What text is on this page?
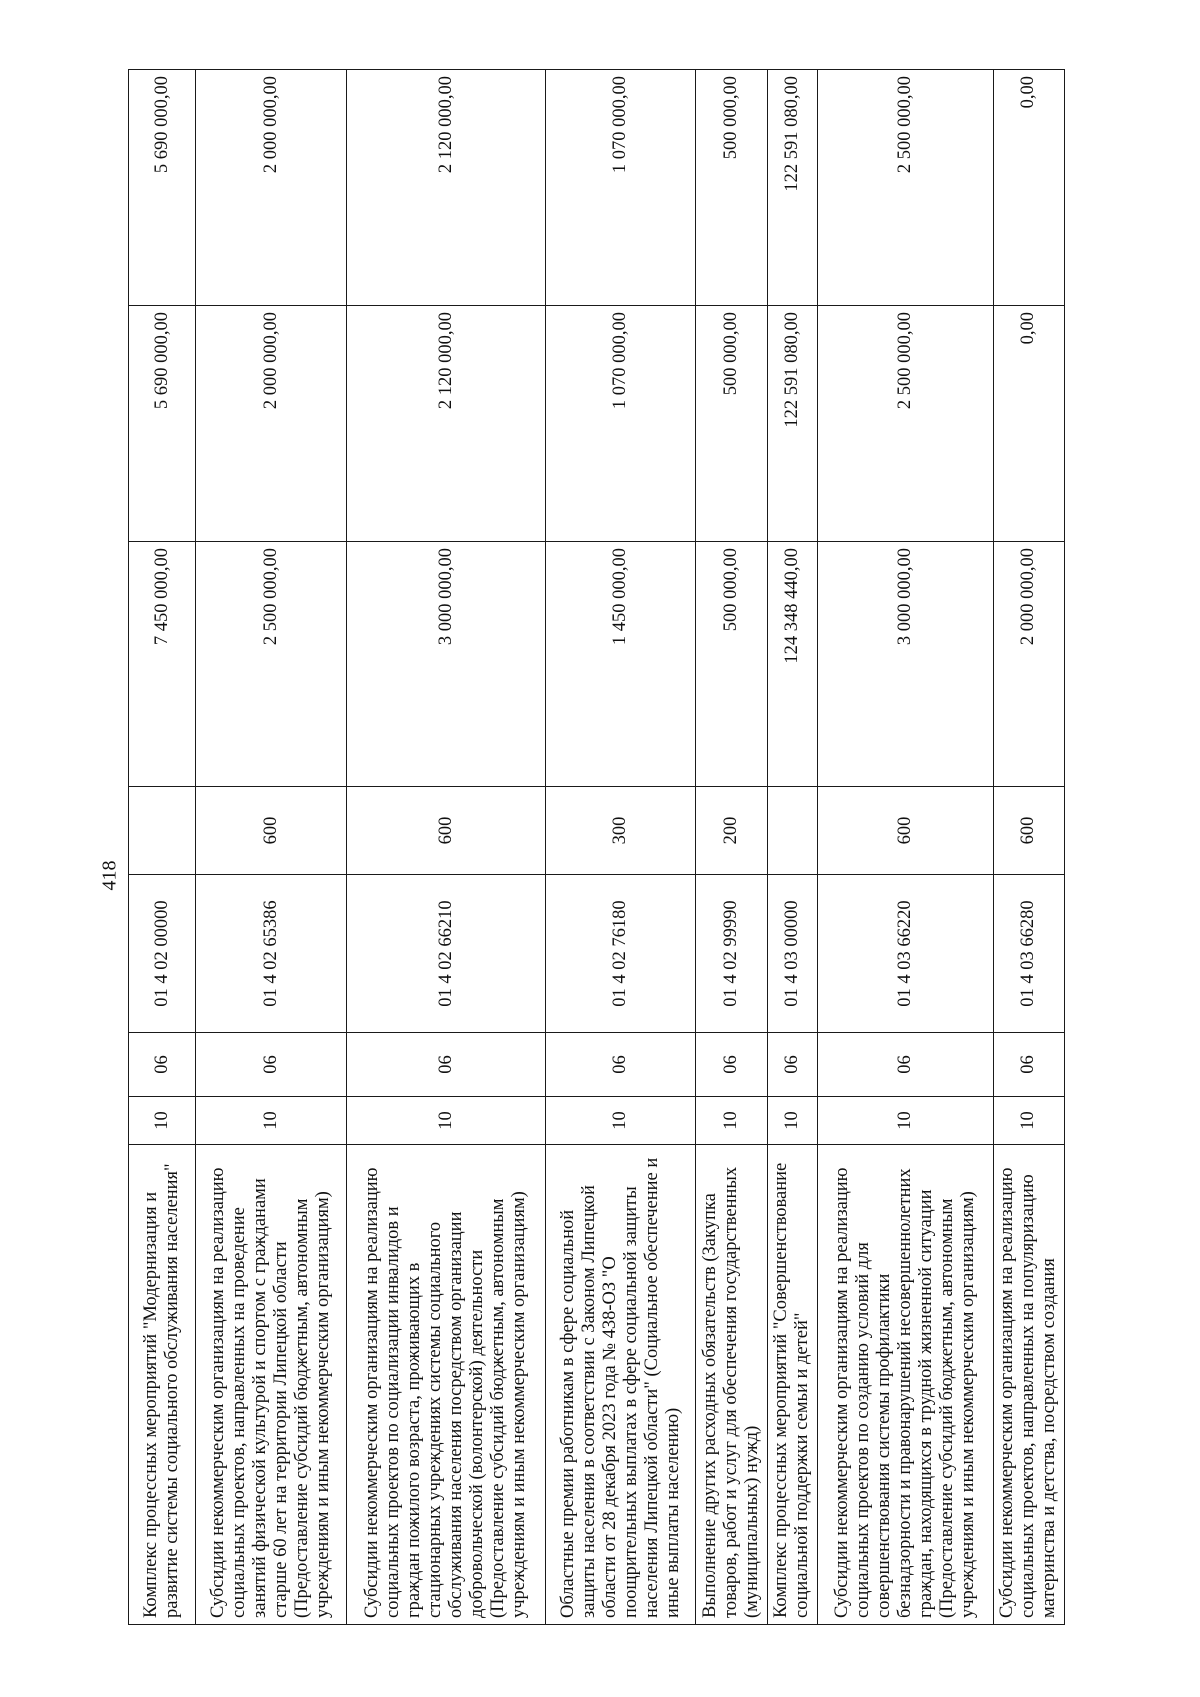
418
Комплекс процессных мероприятий "Модернизация и развитие системы социального обслуживания населения"	10	06	01 4 02 00000		7 450 000,00	5 690 000,00	5 690 000,00
Субсидии некоммерческим организациям на реализацию социальных проектов, направленных на проведение занятий физической культурой и спортом с гражданами старше 60 лет на территории Липецкой области (Предоставление субсидий бюджетным, автономным учреждениям и иным некоммерческим организациям)	10	06	01 4 02 65386	600	2 500 000,00	2 000 000,00	2 000 000,00
Субсидии некоммерческим организациям на реализацию социальных проектов по социализации инвалидов и граждан пожилого возраста, проживающих в стационарных учреждениях системы социального обслуживания населения посредством организации добровольческой (волонтерской) деятельности (Предоставление субсидий бюджетным, автономным учреждениям и иным некоммерческим организациям)	10	06	01 4 02 66210	600	3 000 000,00	2 120 000,00	2 120 000,00
Областные премии работникам в сфере социальной защиты населения в соответствии с Законом Липецкой области от 28 декабря 2023 года № 438-ОЗ "О поощрительных выплатах в сфере социальной защиты населения Липецкой области" (Социальное обеспечение и иные выплаты населению)	10	06	01 4 02 76180	300	1 450 000,00	1 070 000,00	1 070 000,00
Выполнение других расходных обязательств (Закупка товаров, работ и услуг для обеспечения государственных (муниципальных) нужд)	10	06	01 4 02 99990	200	500 000,00	500 000,00	500 000,00
Комплекс процессных мероприятий "Совершенствование социальной поддержки семьи и детей"	10	06	01 4 03 00000		124 348 440,00	122 591 080,00	122 591 080,00
Субсидии некоммерческим организациям на реализацию социальных проектов по созданию условий для совершенствования системы профилактики безнадзорности и правонарушений несовершеннолетних граждан, находящихся в трудной жизненной ситуации (Предоставление субсидий бюджетным, автономным учреждениям и иным некоммерческим организациям)	10	06	01 4 03 66220	600	3 000 000,00	2 500 000,00	2 500 000,00
Субсидии некоммерческим организациям на реализацию социальных проектов, направленных на популяризацию материнства и детства, посредством создания	10	06	01 4 03 66280	600	2 000 000,00	0,00	0,00
